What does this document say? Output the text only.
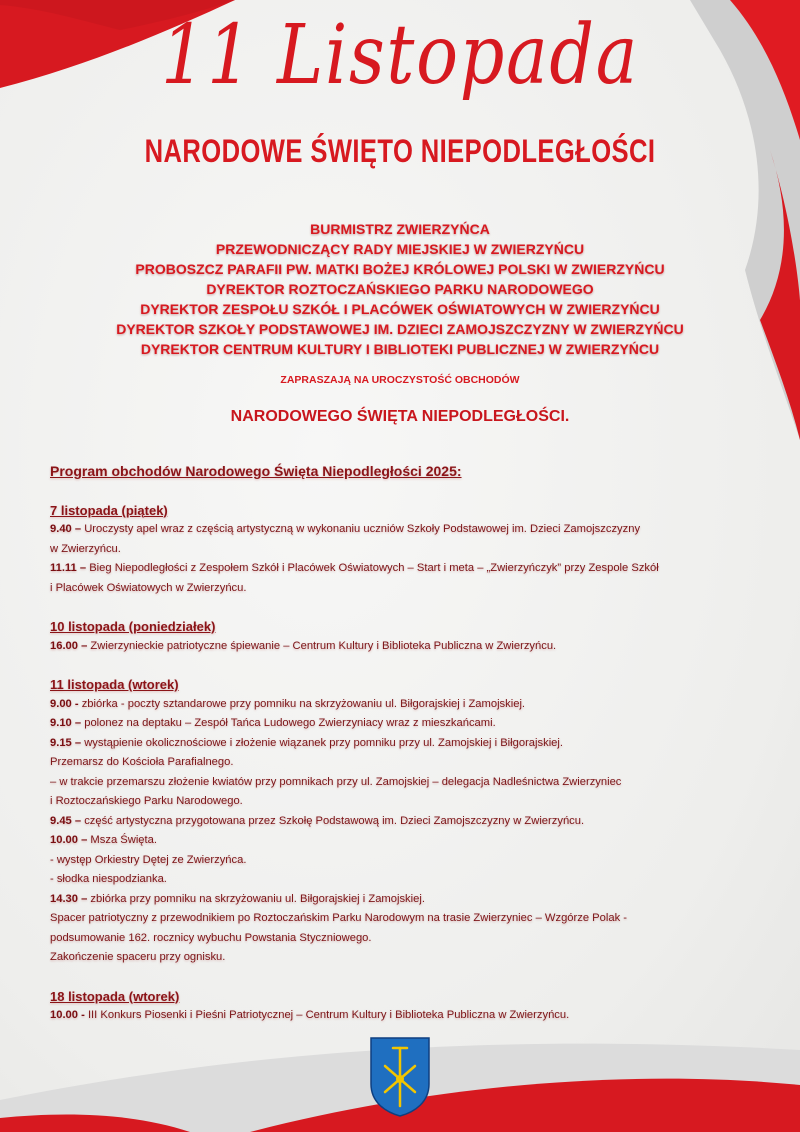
11 Listopada
NARODOWE ŚWIĘTO NIEPODLEGŁOŚCI
BURMISTRZ ZWIERZYŃCA
PRZEWODNICZĄCY RADY MIEJSKIEJ W ZWIERZYŃCU
PROBOSZCZ PARAFII PW. MATKI BOŻEJ KRÓLOWEJ POLSKI W ZWIERZYŃCU
DYREKTOR ROZTOCZAŃSKIEGO PARKU NARODOWEGO
DYREKTOR ZESPOŁU SZKÓŁ I PLACÓWEK OŚWIATOWYCH W ZWIERZYŃCU
DYREKTOR SZKOŁY PODSTAWOWEJ IM. DZIECI ZAMOJSZCZYZNY W ZWIERZYŃCU
DYREKTOR CENTRUM KULTURY I BIBLIOTEKI PUBLICZNEJ W ZWIERZYŃCU
ZAPRASZAJĄ NA UROCZYSTOŚĆ OBCHODÓW
NARODOWEGO ŚWIĘTA NIEPODLEGŁOŚCI.
Program obchodów Narodowego Święta Niepodległości 2025:
7 listopada (piątek)
9.40 – Uroczysty apel wraz z częścią artystyczną w wykonaniu uczniów Szkoły Podstawowej im. Dzieci Zamojszczyzny
w Zwierzyńcu.
11.11 – Bieg Niepodległości z Zespołem Szkół i Placówek Oświatowych – Start i meta – „Zwierzyńczyk” przy Zespole Szkół
i Placówek Oświatowych w Zwierzyńcu.
10 listopada (poniedziałek)
16.00 – Zwierzynieckie patriotyczne śpiewanie – Centrum Kultury i Biblioteka Publiczna w Zwierzyńcu.
11 listopada (wtorek)
9.00 - zbiórka - poczty sztandarowe przy pomniku na skrzyżowaniu ul. Biłgorajskiej i Zamojskiej.
9.10 – polonez na deptaku – Zespół Tańca Ludowego Zwierzyniacy wraz z mieszkańcami.
9.15 – wystąpienie okolicznościowe i złożenie wiązanek przy pomniku przy ul. Zamojskiej i Biłgorajskiej.
Przemarsz do Kościoła Parafialnego.
– w trakcie przemarszu złożenie kwiatów przy pomnikach przy ul. Zamojskiej – delegacja Nadleśnictwa Zwierzyniec
i Roztoczańskiego Parku Narodowego.
9.45 – część artystyczna przygotowana przez Szkołę Podstawową im. Dzieci Zamojszczyzny w Zwierzyńcu.
10.00 – Msza Święta.
- występ Orkiestry Dętej ze Zwierzyńca.
- słodka niespodzianka.
14.30 – zbiórka przy pomniku na skrzyżowaniu ul. Biłgorajskiej i Zamojskiej.
Spacer patriotyczny z przewodnikiem po Roztoczańskim Parku Narodowym na trasie Zwierzyniec – Wzgórze Polak -
podsumowanie 162. rocznicy wybuchu Powstania Styczniowego.
Zakończenie spaceru przy ognisku.
18 listopada (wtorek)
10.00 - III Konkurs Piosenki i Pieśni Patriotycznej – Centrum Kultury i Biblioteka Publiczna w Zwierzyńcu.
